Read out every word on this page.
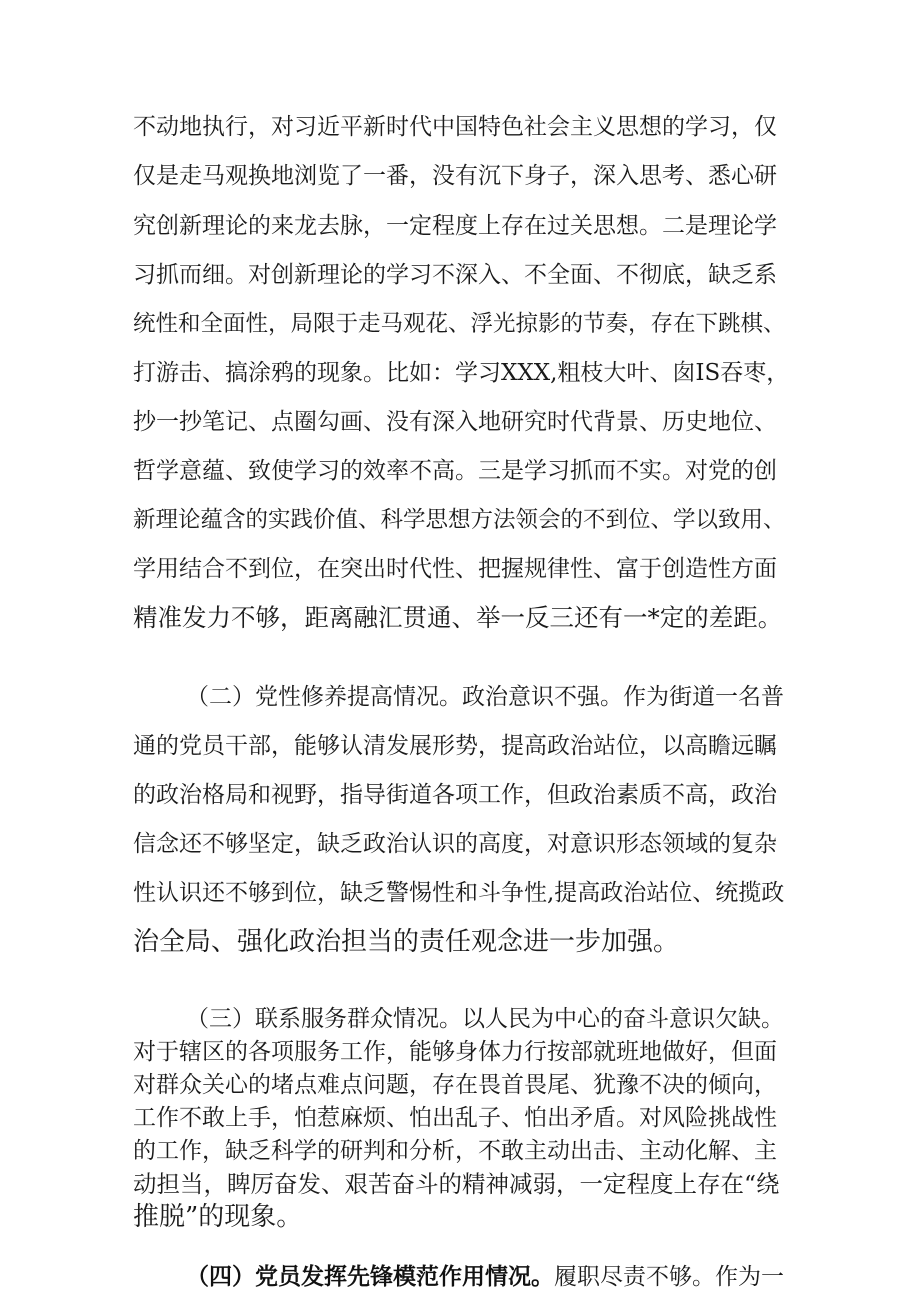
不动地执行，对习近平新时代中国特色社会主义思想的学习，仅
仅是走马观换地浏览了一番，没有沉下身子，深入思考、悉心研
究创新理论的来龙去脉，一定程度上存在过关思想。二是理论学
习抓而细。对创新理论的学习不深入、不全面、不彻底，缺乏系
统性和全面性，局限于走马观花、浮光掠影的节奏，存在下跳棋、
打游击、搞涂鸦的现象。比如：学习XXX,粗枝大叶、囱IS吞枣，
抄一抄笔记、点圈勾画、没有深入地研究时代背景、历史地位、
哲学意蕴、致使学习的效率不高。三是学习抓而不实。对党的创
新理论蕴含的实践价值、科学思想方法领会的不到位、学以致用、
学用结合不到位，在突出时代性、把握规律性、富于创造性方面
精准发力不够，距离融汇贯通、举一反三还有一*定的差距。
（二）党性修养提高情况。政治意识不强。作为街道一名普
通的党员干部，能够认清发展形势，提高政治站位，以高瞻远瞩
的政治格局和视野，指导街道各项工作，但政治素质不高，政治
信念还不够坚定，缺乏政治认识的高度，对意识形态领域的复杂
性认识还不够到位，缺乏警惕性和斗争性,提高政治站位、统揽政
治全局、强化政治担当的责任观念进一步加强。
（三）联系服务群众情况。以人民为中心的奋斗意识欠缺。
对于辖区的各项服务工作，能够身体力行按部就班地做好，但面
对群众关心的堵点难点问题，存在畏首畏尾、犹豫不决的倾向，
工作不敢上手，怕惹麻烦、怕出乱子、怕出矛盾。对风险挑战性
的工作，缺乏科学的研判和分析，不敢主动出击、主动化解、主
动担当，睥厉奋发、艰苦奋斗的精神减弱，一定程度上存在“绕
推脱”的现象。
（四）党员发挥先锋模范作用情况。履职尽责不够。作为一
